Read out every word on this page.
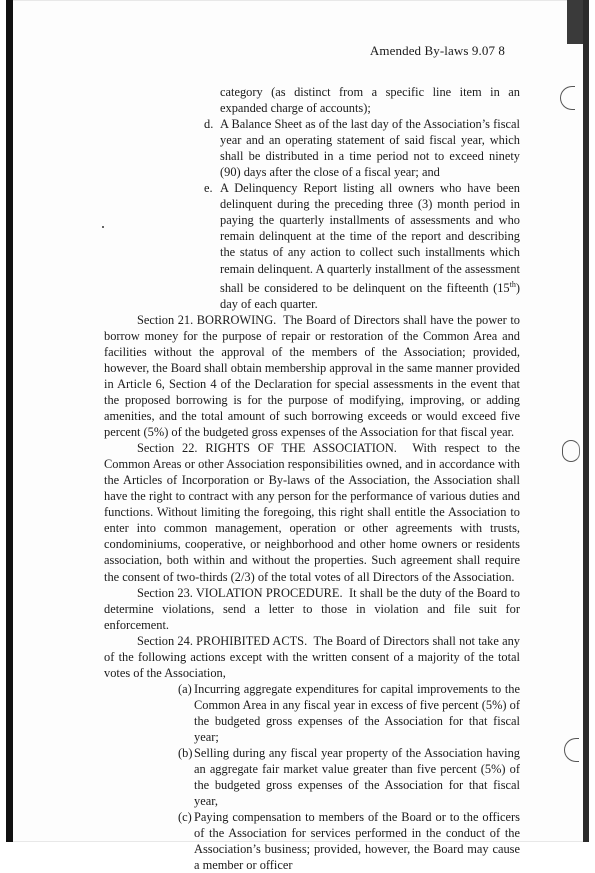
Amended By-laws 9.07 8

category (as distinct from a specific line item in an expanded charge of accounts);

d. A Balance Sheet as of the last day of the Association’s fiscal year and an operating statement of said fiscal year, which shall be distributed in a time period not to exceed ninety (90) days after the close of a fiscal year; and

e. A Delinquency Report listing all owners who have been delinquent during the preceding three (3) month period in paying the quarterly installments of assessments and who remain delinquent at the time of the report and describing the status of any action to collect such installments which remain delinquent. A quarterly installment of the assessment shall be considered to be delinquent on the fifteenth (15th) day of each quarter.

Section 21. BORROWING. The Board of Directors shall have the power to borrow money for the purpose of repair or restoration of the Common Area and facilities without the approval of the members of the Association; provided, however, the Board shall obtain membership approval in the same manner provided in Article 6, Section 4 of the Declaration for special assessments in the event that the proposed borrowing is for the purpose of modifying, improving, or adding amenities, and the total amount of such borrowing exceeds or would exceed five percent (5%) of the budgeted gross expenses of the Association for that fiscal year.

Section 22. RIGHTS OF THE ASSOCIATION. With respect to the Common Areas or other Association responsibilities owned, and in accordance with the Articles of Incorporation or By-laws of the Association, the Association shall have the right to contract with any person for the performance of various duties and functions. Without limiting the foregoing, this right shall entitle the Association to enter into common management, operation or other agreements with trusts, condominiums, cooperative, or neighborhood and other home owners or residents association, both within and without the properties. Such agreement shall require the consent of two-thirds (2/3) of the total votes of all Directors of the Association.

Section 23. VIOLATION PROCEDURE. It shall be the duty of the Board to determine violations, send a letter to those in violation and file suit for enforcement.

Section 24. PROHIBITED ACTS. The Board of Directors shall not take any of the following actions except with the written consent of a majority of the total votes of the Association,

(a) Incurring aggregate expenditures for capital improvements to the Common Area in any fiscal year in excess of five percent (5%) of the budgeted gross expenses of the Association for that fiscal year;

(b) Selling during any fiscal year property of the Association having an aggregate fair market value greater than five percent (5%) of the budgeted gross expenses of the Association for that fiscal year,

(c) Paying compensation to members of the Board or to the officers of the Association for services performed in the conduct of the Association’s business; provided, however, the Board may cause a member or officer
